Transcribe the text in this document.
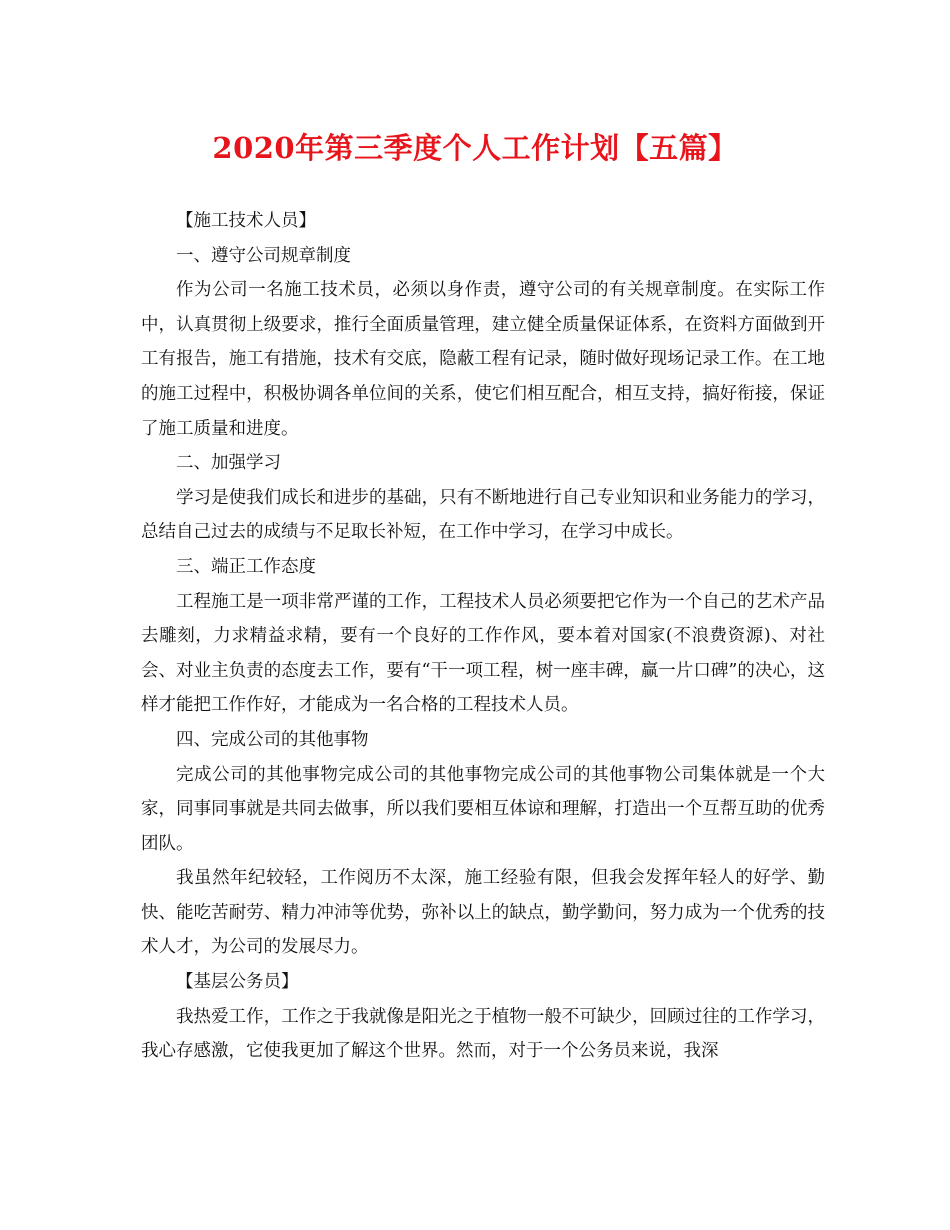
2020年第三季度个人工作计划【五篇】

【施工技术人员】

一、遵守公司规章制度

作为公司一名施工技术员，必须以身作责，遵守公司的有关规章制度。在实际工作中，认真贯彻上级要求，推行全面质量管理，建立健全质量保证体系，在资料方面做到开工有报告，施工有措施，技术有交底，隐蔽工程有记录，随时做好现场记录工作。在工地的施工过程中，积极协调各单位间的关系，使它们相互配合，相互支持，搞好衔接，保证了施工质量和进度。

二、加强学习

学习是使我们成长和进步的基础，只有不断地进行自己专业知识和业务能力的学习，总结自己过去的成绩与不足取长补短，在工作中学习，在学习中成长。

三、端正工作态度

工程施工是一项非常严谨的工作，工程技术人员必须要把它作为一个自己的艺术产品去雕刻，力求精益求精，要有一个良好的工作作风，要本着对国家(不浪费资源)、对社会、对业主负责的态度去工作，要有“干一项工程，树一座丰碑，赢一片口碑”的决心，这样才能把工作作好，才能成为一名合格的工程技术人员。

四、完成公司的其他事物

完成公司的其他事物完成公司的其他事物完成公司的其他事物公司集体就是一个大家，同事同事就是共同去做事，所以我们要相互体谅和理解，打造出一个互帮互助的优秀团队。

我虽然年纪较轻，工作阅历不太深，施工经验有限，但我会发挥年轻人的好学、勤快、能吃苦耐劳、精力冲沛等优势，弥补以上的缺点，勤学勤问，努力成为一个优秀的技术人才，为公司的发展尽力。

【基层公务员】

我热爱工作，工作之于我就像是阳光之于植物一般不可缺少，回顾过往的工作学习，我心存感激，它使我更加了解这个世界。然而，对于一个公务员来说，我深
